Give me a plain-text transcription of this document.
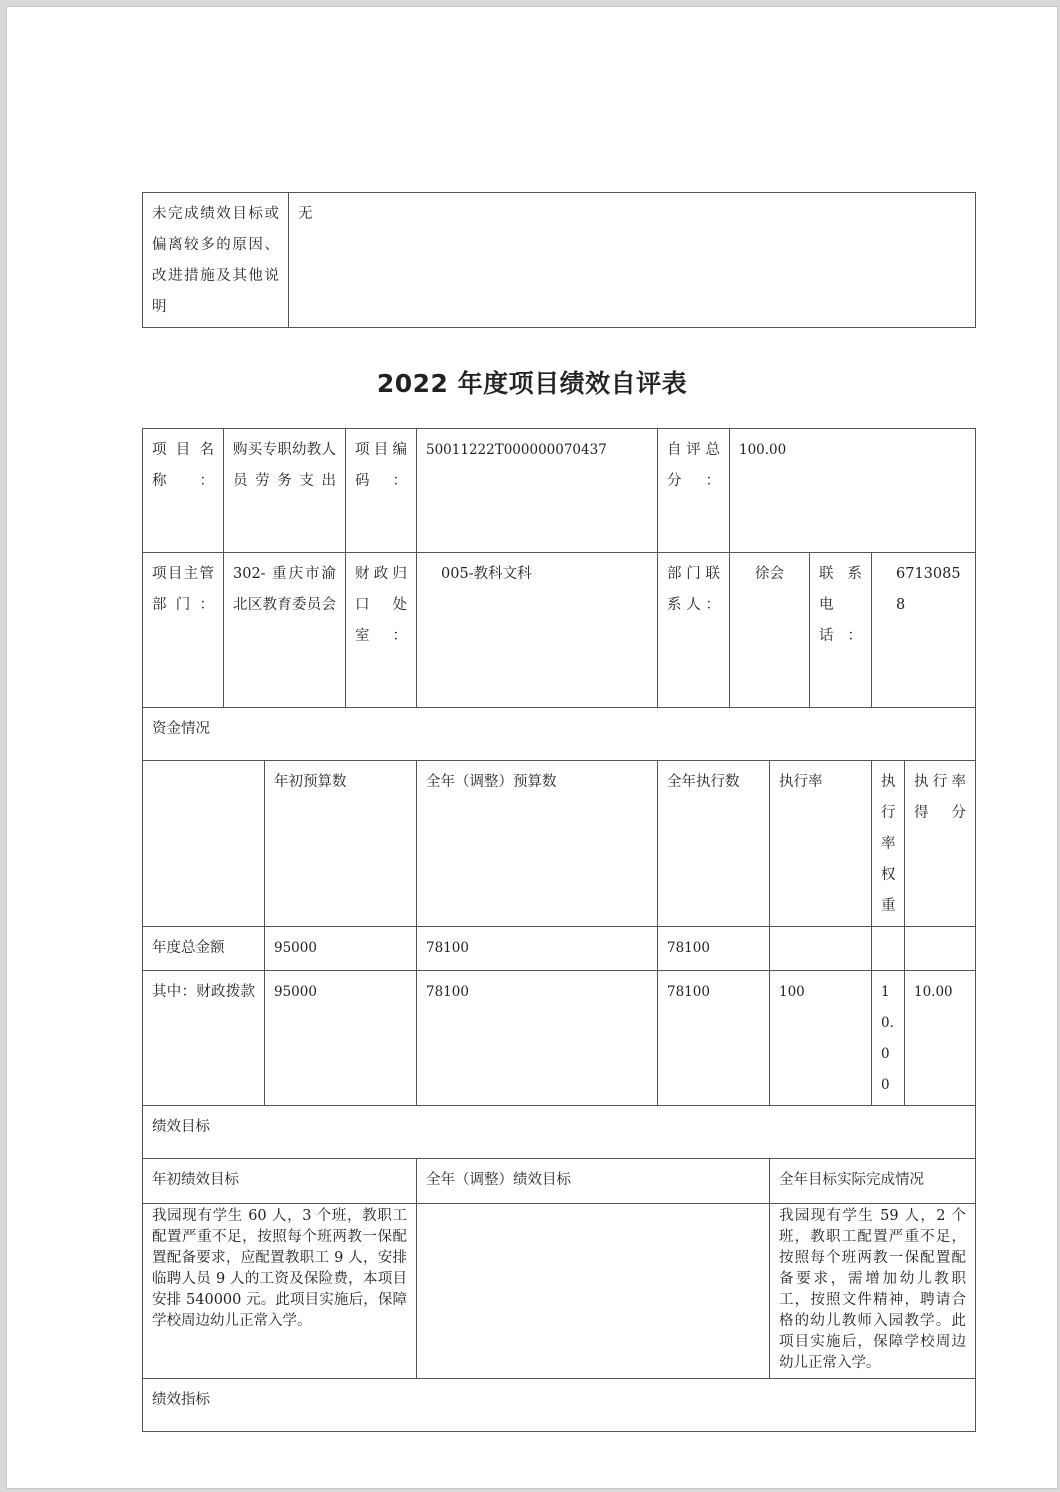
未完成绩效目标或偏离较多的原因、改进措施及其他说明	无
2022 年度项目绩效自评表
项 目 名称：	购买专职幼教人员劳务支出		项目编码：	50011222T000000070437	自评总分：	100.00				
项目主管部门：	302- 重庆市渝北区教育委员会		财政归口 处室：	005-教科文科	部门联系人：	徐会		联 系 电 话：	67130858	
资金情况										
		年初预算数		全年（调整）预算数	全年执行数		执行率		执行率权重	执行率得分
年度总金额		95000		78100	78100					
其中：财政拨款		95000		78100	78100		100		10.00	10.00
绩效目标										
年初绩效目标				全年（调整）绩效目标			全年目标实际完成情况			
我园现有学生 60 人，3 个班，教职工配置严重不足，按照每个班两教一保配置配备要求，应配置教职工 9 人，安排临聘人员 9 人的工资及保险费，本项目安排 540000 元。此项目实施后，保障学校周边幼儿正常入学。							我园现有学生 59 人，2 个班，教职工配置严重不足，按照每个班两教一保配置配备要求，需增加幼儿教职工，按照文件精神，聘请合格的幼儿教师入园教学。此项目实施后，保障学校周边幼儿正常入学。			
绩效指标										
